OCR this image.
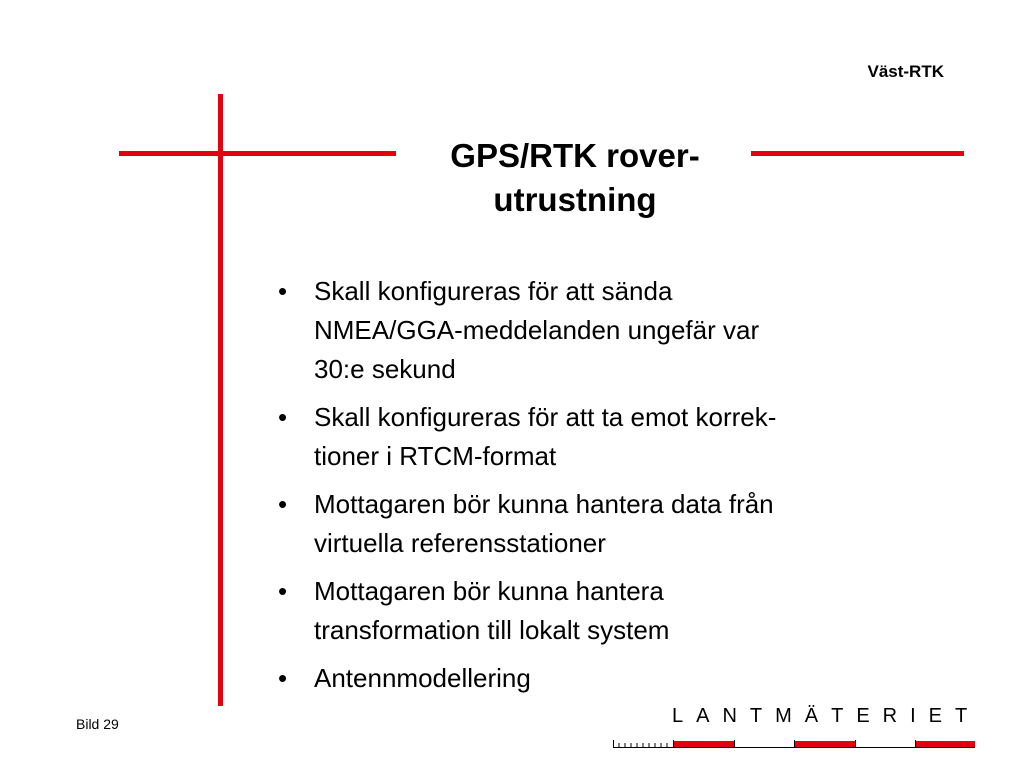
Väst-RTK
GPS/RTK rover-
utrustning
• Skall konfigureras för att sända
NMEA/GGA-meddelanden ungefär var
30:e sekund
• Skall konfigureras för att ta emot korrek-
tioner i RTCM-format
• Mottagaren bör kunna hantera data från
virtuella referensstationer
• Mottagaren bör kunna hantera
transformation till lokalt system
• Antennmodellering
Bild 29	LANTMÄTERIET
